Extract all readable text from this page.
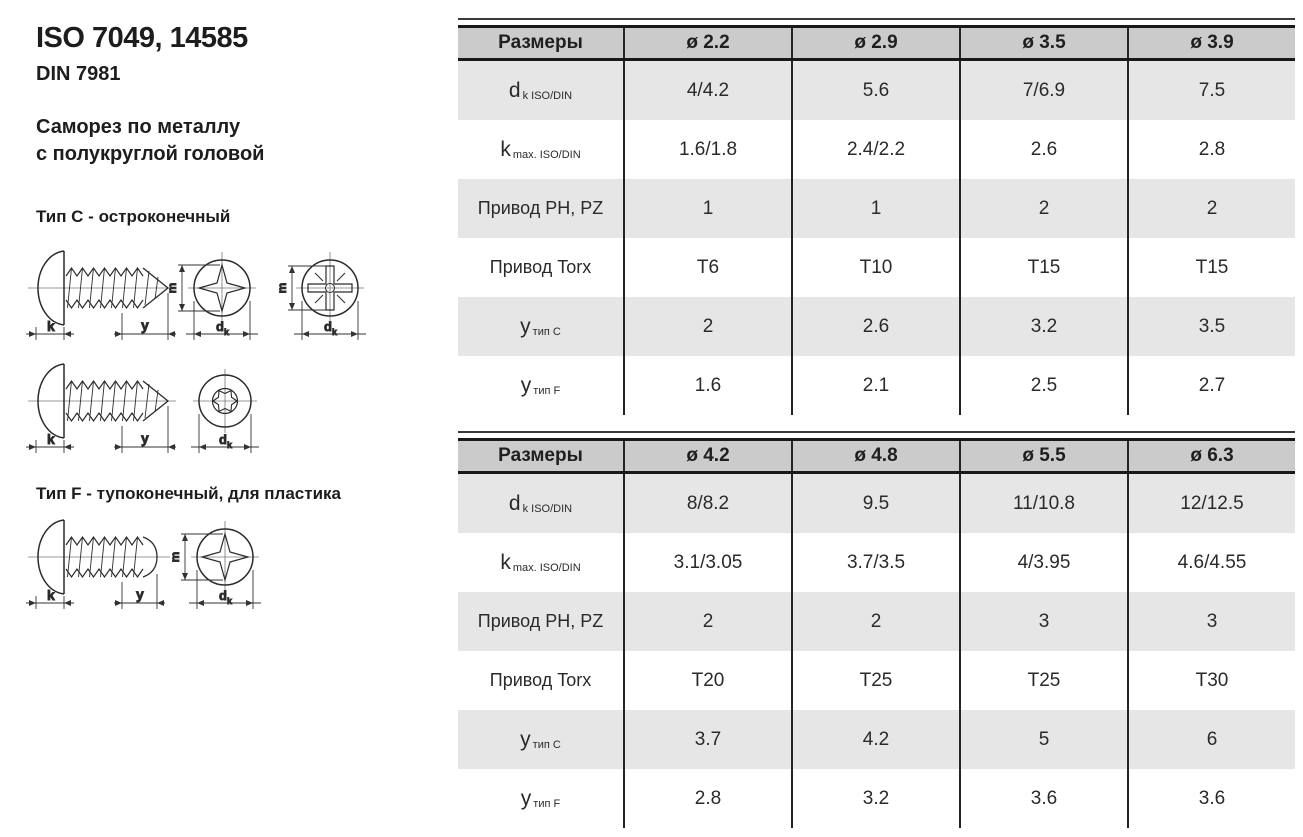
ISO 7049, 14585
DIN 7981
Саморез по металлу
с полукруглой головой
Тип C - остроконечный
Тип F - тупоконечный, для пластика
k	y
m
d k
m
d k
k	y	d k
k	y
m
d k
Размеры	ø 2.2	ø 2.9	ø 3.5	ø 3.9
d k ISO/DIN	4/4.2	5.6	7/6.9	7.5
k max. ISO/DIN	1.6/1.8	2.4/2.2	2.6	2.8
Привод PH, PZ	1	1	2	2
Привод Torx	T6	T10	T15	T15
y тип C	2	2.6	3.2	3.5
y тип F	1.6	2.1	2.5	2.7
Размеры	ø 4.2	ø 4.8	ø 5.5	ø 6.3
d k ISO/DIN	8/8.2	9.5	11/10.8	12/12.5
k max. ISO/DIN	3.1/3.05	3.7/3.5	4/3.95	4.6/4.55
Привод PH, PZ	2	2	3	3
Привод Torx	T20	T25	T25	T30
y тип C	3.7	4.2	5	6
y тип F	2.8	3.2	3.6	3.6
